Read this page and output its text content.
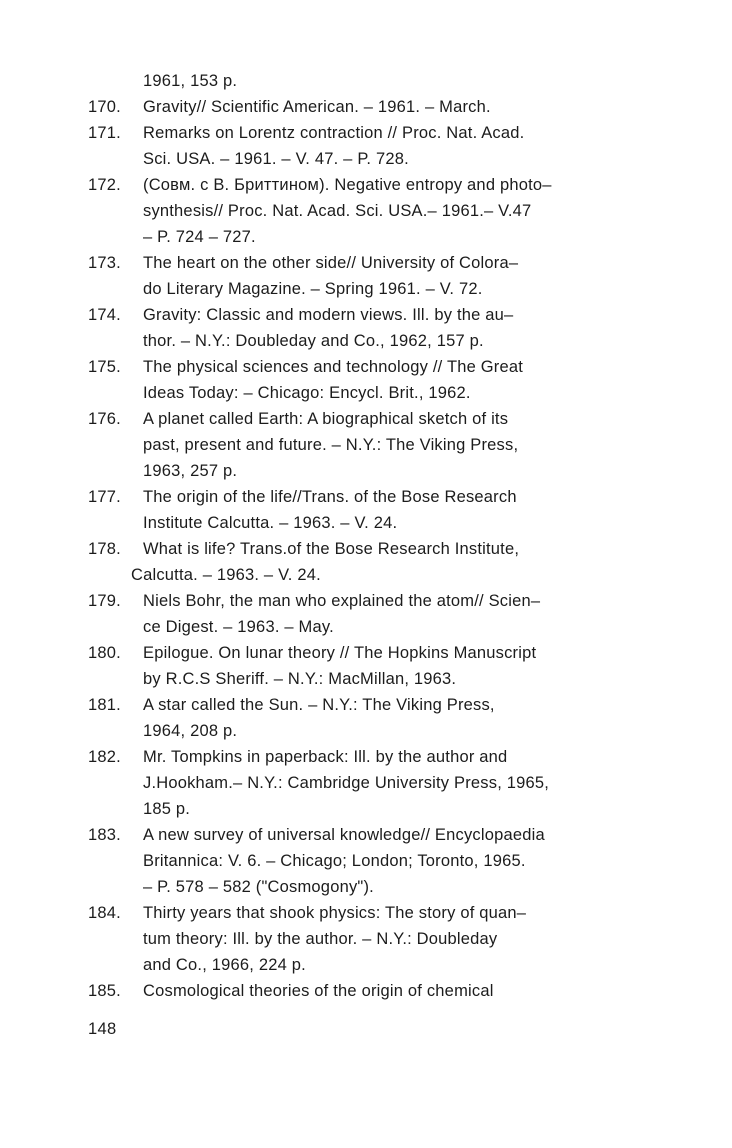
1961, 153 p.
170.	Gravity// Scientific American. – 1961. – March.
171.	Remarks on Lorentz contraction // Proc. Nat. Acad.
Sci. USA. – 1961. – V. 47. – P. 728.
172.	(Совм. с В. Бриттином). Negative entropy and photo–
synthesis// Proc. Nat. Acad. Sci. USA.– 1961.– V.47
– P. 724 – 727.
173.	The heart on the other side// University of Colora–
do Literary Magazine. – Spring 1961. – V. 72.
174.	Gravity: Classic and modern views. Ill. by the au–
thor. – N.Y.: Doubleday and Co., 1962, 157 p.
175.	The physical sciences and technology // The Great
Ideas Today: – Chicago: Encycl. Brit., 1962.
176.	A planet called Earth: A biographical sketch of its
past, present and future. – N.Y.: The Viking Press,
1963, 257 p.
177.	The origin of the life//Trans. of the Bose Research
Institute Calcutta. – 1963. – V. 24.
178.	What is life? Trans.of the Bose Research Institute,
Calcutta. – 1963. – V. 24.
179.	Niels Bohr, the man who explained the atom// Scien–
ce Digest. – 1963. – May.
180.	Epilogue. On lunar theory // The Hopkins Manuscript
by R.C.S Sheriff. – N.Y.: MacMillan, 1963.
181.	A star called the Sun. – N.Y.: The Viking Press,
1964, 208 p.
182.	Mr. Tompkins in paperback: Ill. by the author and
J.Hookham.– N.Y.: Cambridge University Press, 1965,
185 p.
183.	A new survey of universal knowledge// Encyclopaedia
Britannica: V. 6. – Chicago; London; Toronto, 1965.
– P. 578 – 582 ("Cosmogony").
184.	Thirty years that shook physics: The story of quan–
tum theory: Ill. by the author. – N.Y.: Doubleday
and Co., 1966, 224 p.
185.	Cosmological theories of the origin of chemical
148
